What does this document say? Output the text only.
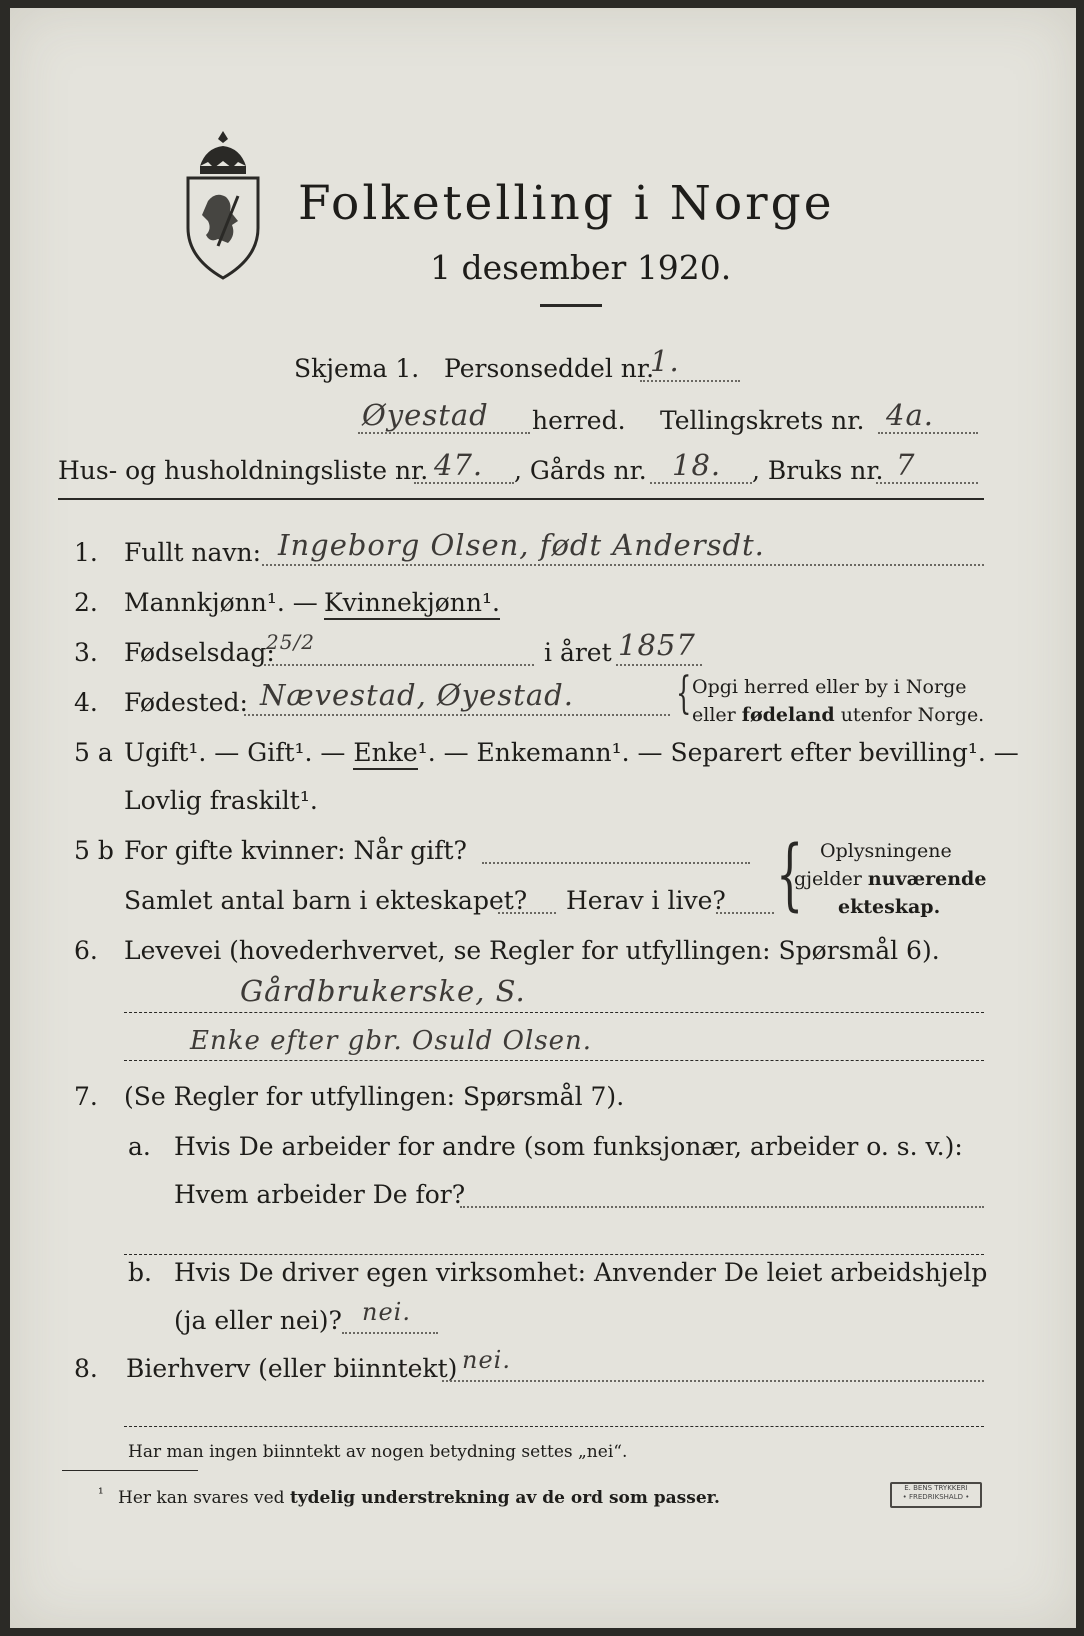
Folketelling i Norge
1 desember 1920.
Skjema 1. Personseddel nr.
1.
Øyestad herred. Tellingskrets nr. 4a.
Hus- og husholdningsliste nr. 47. , Gårds nr. 18. , Bruks nr. 7
1. Fullt navn: Ingeborg Olsen, født Andersdt.
2. Mannkjønn¹. — Kvinnekjønn¹.
3. Fødselsdag:
25/2	i året 1857
4. Fødested: Nævestad, Øyestad. { Opgi herred eller by i Norge
eller fødeland utenfor Norge.
5 a Ugift¹. — Gift¹. — Enke¹. — Enkemann¹. — Separert efter bevilling¹. —
Lovlig fraskilt¹.
5 b For gifte kvinner: Når gift?
Samlet antal barn i ekteskapet? Herav i live? { Oplysningene
gjelder nuværende
ekteskap.
6. Levevei (hovederhvervet, se Regler for utfyllingen: Spørsmål 6).
Gårdbrukerske, S.
Enke efter gbr. Osuld Olsen.
7. (Se Regler for utfyllingen: Spørsmål 7).
a. Hvis De arbeider for andre (som funksjonær, arbeider o. s. v.):
Hvem arbeider De for?
b. Hvis De driver egen virksomhet: Anvender De leiet arbeidshjelp
(ja eller nei)? nei.
8. Bierhverv (eller biinntekt) nei.
Har man ingen biinntekt av nogen betydning settes „nei“.
¹ Her kan svares ved tydelig understrekning av de ord som passer.	E. BENS TRYKKERI
• FREDRIKSHALD •
